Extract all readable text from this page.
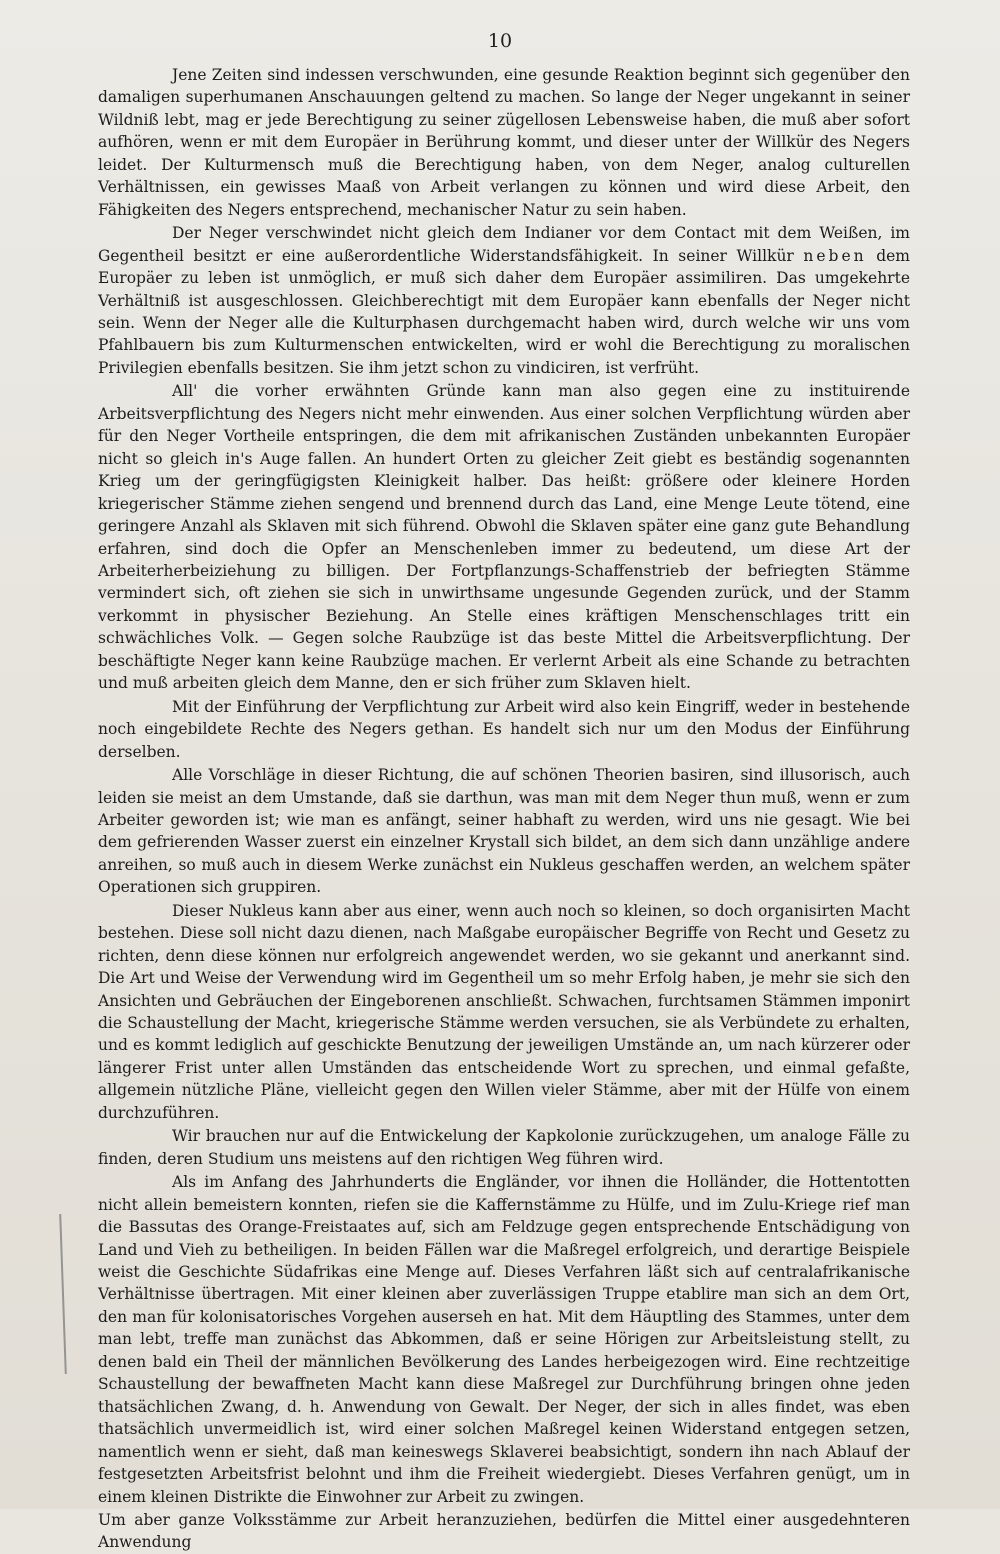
10

Jene Zeiten sind indessen verschwunden, eine gesunde Reaktion beginnt sich gegenüber den damaligen superhumanen Anschauungen geltend zu machen. So lange der Neger ungekannt in seiner Wildniß lebt, mag er jede Berechtigung zu seiner zügellosen Lebensweise haben, die muß aber sofort aufhören, wenn er mit dem Europäer in Berührung kommt, und dieser unter der Willkür des Negers leidet. Der Kulturmensch muß die Berechtigung haben, von dem Neger, analog culturellen Verhältnissen, ein gewisses Maaß von Arbeit verlangen zu können und wird diese Arbeit, den Fähigkeiten des Negers entsprechend, mechanischer Natur zu sein haben.

Der Neger verschwindet nicht gleich dem Indianer vor dem Contact mit dem Weißen, im Gegentheil besitzt er eine außerordentliche Widerstandsfähigkeit. In seiner Willkür neben dem Europäer zu leben ist unmöglich, er muß sich daher dem Europäer assimiliren. Das umgekehrte Verhältniß ist ausgeschlossen. Gleichberechtigt mit dem Europäer kann ebenfalls der Neger nicht sein. Wenn der Neger alle die Kulturphasen durchgemacht haben wird, durch welche wir uns vom Pfahlbauern bis zum Kulturmenschen entwickelten, wird er wohl die Berechtigung zu moralischen Privilegien ebenfalls besitzen. Sie ihm jetzt schon zu vindiciren, ist verfrüht.

All' die vorher erwähnten Gründe kann man also gegen eine zu instituirende Arbeitsverpflichtung des Negers nicht mehr einwenden. Aus einer solchen Verpflichtung würden aber für den Neger Vortheile entspringen, die dem mit afrikanischen Zuständen unbekannten Europäer nicht so gleich in's Auge fallen. An hundert Orten zu gleicher Zeit giebt es beständig sogenannten Krieg um der geringfügigsten Kleinigkeit halber. Das heißt: größere oder kleinere Horden kriegerischer Stämme ziehen sengend und brennend durch das Land, eine Menge Leute tötend, eine geringere Anzahl als Sklaven mit sich führend. Obwohl die Sklaven später eine ganz gute Behandlung erfahren, sind doch die Opfer an Menschenleben immer zu bedeutend, um diese Art der Arbeiterherbeiziehung zu billigen. Der Fortpflanzungs-Schaffenstrieb der befriegten Stämme vermindert sich, oft ziehen sie sich in unwirthsame ungesunde Gegenden zurück, und der Stamm verkommt in physischer Beziehung. An Stelle eines kräftigen Menschenschlages tritt ein schwächliches Volk. — Gegen solche Raubzüge ist das beste Mittel die Arbeitsverpflichtung. Der beschäftigte Neger kann keine Raubzüge machen. Er verlernt Arbeit als eine Schande zu betrachten und muß arbeiten gleich dem Manne, den er sich früher zum Sklaven hielt.

Mit der Einführung der Verpflichtung zur Arbeit wird also kein Eingriff, weder in bestehende noch eingebildete Rechte des Negers gethan. Es handelt sich nur um den Modus der Einführung derselben.

Alle Vorschläge in dieser Richtung, die auf schönen Theorien basiren, sind illusorisch, auch leiden sie meist an dem Umstande, daß sie darthun, was man mit dem Neger thun muß, wenn er zum Arbeiter geworden ist; wie man es anfängt, seiner habhaft zu werden, wird uns nie gesagt. Wie bei dem gefrierenden Wasser zuerst ein einzelner Krystall sich bildet, an dem sich dann unzählige andere anreihen, so muß auch in diesem Werke zunächst ein Nukleus geschaffen werden, an welchem später Operationen sich gruppiren.

Dieser Nukleus kann aber aus einer, wenn auch noch so kleinen, so doch organisirten Macht bestehen. Diese soll nicht dazu dienen, nach Maßgabe europäischer Begriffe von Recht und Gesetz zu richten, denn diese können nur erfolgreich angewendet werden, wo sie gekannt und anerkannt sind. Die Art und Weise der Verwendung wird im Gegentheil um so mehr Erfolg haben, je mehr sie sich den Ansichten und Gebräuchen der Eingeborenen anschließt. Schwachen, furchtsamen Stämmen imponirt die Schaustellung der Macht, kriegerische Stämme werden versuchen, sie als Verbündete zu erhalten, und es kommt lediglich auf geschickte Benutzung der jeweiligen Umstände an, um nach kürzerer oder längerer Frist unter allen Umständen das entscheidende Wort zu sprechen, und einmal gefaßte, allgemein nützliche Pläne, vielleicht gegen den Willen vieler Stämme, aber mit der Hülfe von einem durchzuführen.

Wir brauchen nur auf die Entwickelung der Kapkolonie zurückzugehen, um analoge Fälle zu finden, deren Studium uns meistens auf den richtigen Weg führen wird.

Als im Anfang des Jahrhunderts die Engländer, vor ihnen die Holländer, die Hottentotten nicht allein bemeistern konnten, riefen sie die Kaffernstämme zu Hülfe, und im Zulu-Kriege rief man die Bassutas des Orange-Freistaates auf, sich am Feldzuge gegen entsprechende Entschädigung von Land und Vieh zu betheiligen. In beiden Fällen war die Maßregel erfolgreich, und derartige Beispiele weist die Geschichte Südafrikas eine Menge auf. Dieses Verfahren läßt sich auf centralafrikanische Verhältnisse übertragen. Mit einer kleinen aber zuverlässigen Truppe etablire man sich an dem Ort, den man für kolonisatorisches Vorgehen auserseh en hat. Mit dem Häuptling des Stammes, unter dem man lebt, treffe man zunächst das Abkommen, daß er seine Hörigen zur Arbeitsleistung stellt, zu denen bald ein Theil der männlichen Bevölkerung des Landes herbeigezogen wird. Eine rechtzeitige Schaustellung der bewaffneten Macht kann diese Maßregel zur Durchführung bringen ohne jeden thatsächlichen Zwang, d. h. Anwendung von Gewalt. Der Neger, der sich in alles findet, was eben thatsächlich unvermeidlich ist, wird einer solchen Maßregel keinen Widerstand entgegen setzen, namentlich wenn er sieht, daß man keineswegs Sklaverei beabsichtigt, sondern ihn nach Ablauf der festgesetzten Arbeitsfrist belohnt und ihm die Freiheit wiedergiebt. Dieses Verfahren genügt, um in einem kleinen Distrikte die Einwohner zur Arbeit zu zwingen.

Um aber ganze Volksstämme zur Arbeit heranzuziehen, bedürfen die Mittel einer ausgedehnteren Anwendung
